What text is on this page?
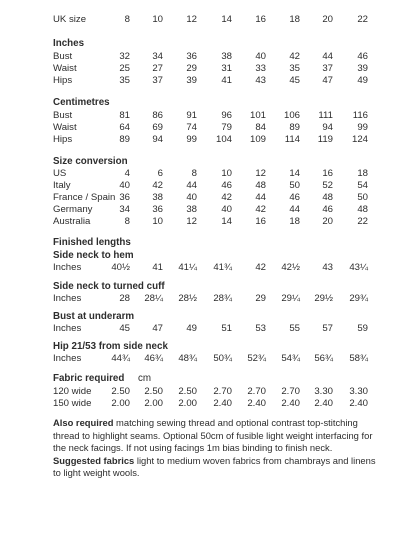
UK size	8 10 12	14 16 18 20	22
Inches
Bust	32 34 36	38 40 42 44	46
Waist	25 27 29	31 33 35 37	39
Hips	35 37 39	41 43 45 47	49
Centimetres
Bust	81 86 91	96 101 106 111 116
Waist	64 69 74	79 84 89 94	99
Hips	89 94 99 104 109 114 119 124
Size conversion
US	4	6	8	10 12 14 16	18
Italy	40 42 44	46 48 50 52	54
France / Spain 36 38 40	42 44 46 48	50
Germany	34 36 38	40 42 44 46	48
Australia	8 10 12	14 16 18 20	22
Finished lengths
Side neck to hem
Inches	40½ 41 41¼ 41¾ 42 42½ 43 43¼
Side neck to turned cuff
Inches	28 28¼ 28½ 28¾ 29 29¼ 29½ 29¾
Bust at underarm
Inches	45 47 49	51 53 55 57	59
Hip 21/53 from side neck
Inches	44¾ 46¾ 48¾ 50¾ 52¾ 54¾ 56¾ 58¾
Fabric required cm
120 wide 2.50 2.50 2.50 2.70 2.70 2.70 3.30 3.30
150 wide 2.00 2.00 2.00 2.40 2.40 2.40 2.40 2.40
Also required matching sewing thread and optional contrast top-stitching thread to highlight seams. Optional 50cm of fusible light weight interfacing for the neck facings. If not using facings 1m bias binding to finish neck.
Suggested fabrics light to medium woven fabrics from chambrays and linens to light weight wools.
